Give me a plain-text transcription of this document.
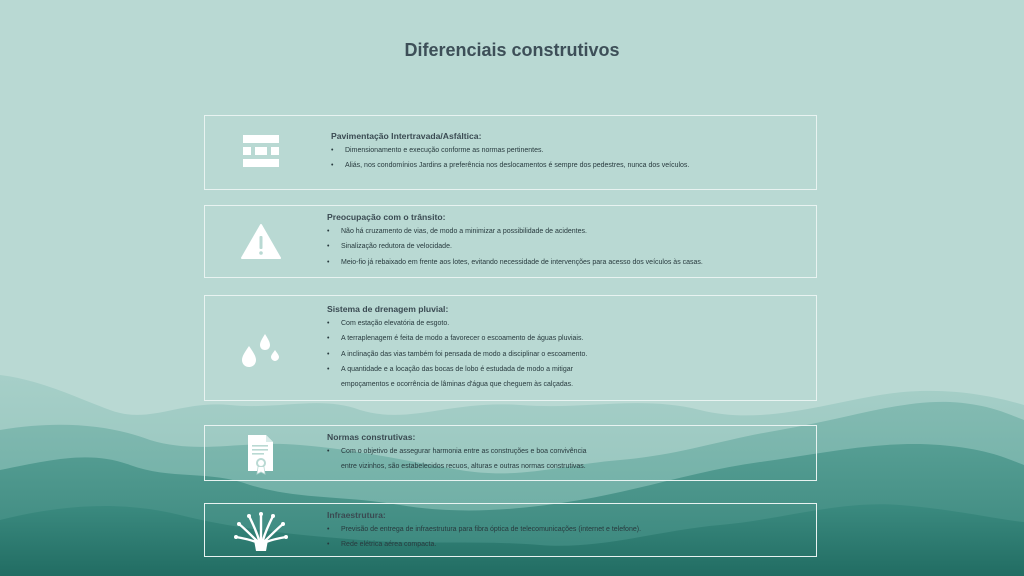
Diferenciais construtivos
Pavimentação Intertravada/Asfáltica:
• Dimensionamento e execução conforme as normas pertinentes.
• Aliás, nos condomínios Jardins a preferência nos deslocamentos é sempre dos pedestres, nunca dos veículos.
Preocupação com o trânsito:
• Não há cruzamento de vias, de modo a minimizar a possibilidade de acidentes.
• Sinalização redutora de velocidade.
• Meio-fio já rebaixado em frente aos lotes, evitando necessidade de intervenções para acesso dos veículos às casas.
Sistema de drenagem pluvial:
• Com estação elevatória de esgoto.
• A terraplenagem é feita de modo a favorecer o escoamento de águas pluviais.
• A inclinação das vias também foi pensada de modo a disciplinar o escoamento.
• A quantidade e a locação das bocas de lobo é estudada de modo a mitigar
empoçamentos e ocorrência de lâminas d'água que cheguem às calçadas.
Normas construtivas:
• Com o objetivo de assegurar harmonia entre as construções e boa convivência
entre vizinhos, são estabelecidos recuos, alturas e outras normas construtivas.
Infraestrutura:
• Previsão de entrega de infraestrutura para fibra óptica de telecomunicações (internet e telefone).
• Rede elétrica aérea compacta.
